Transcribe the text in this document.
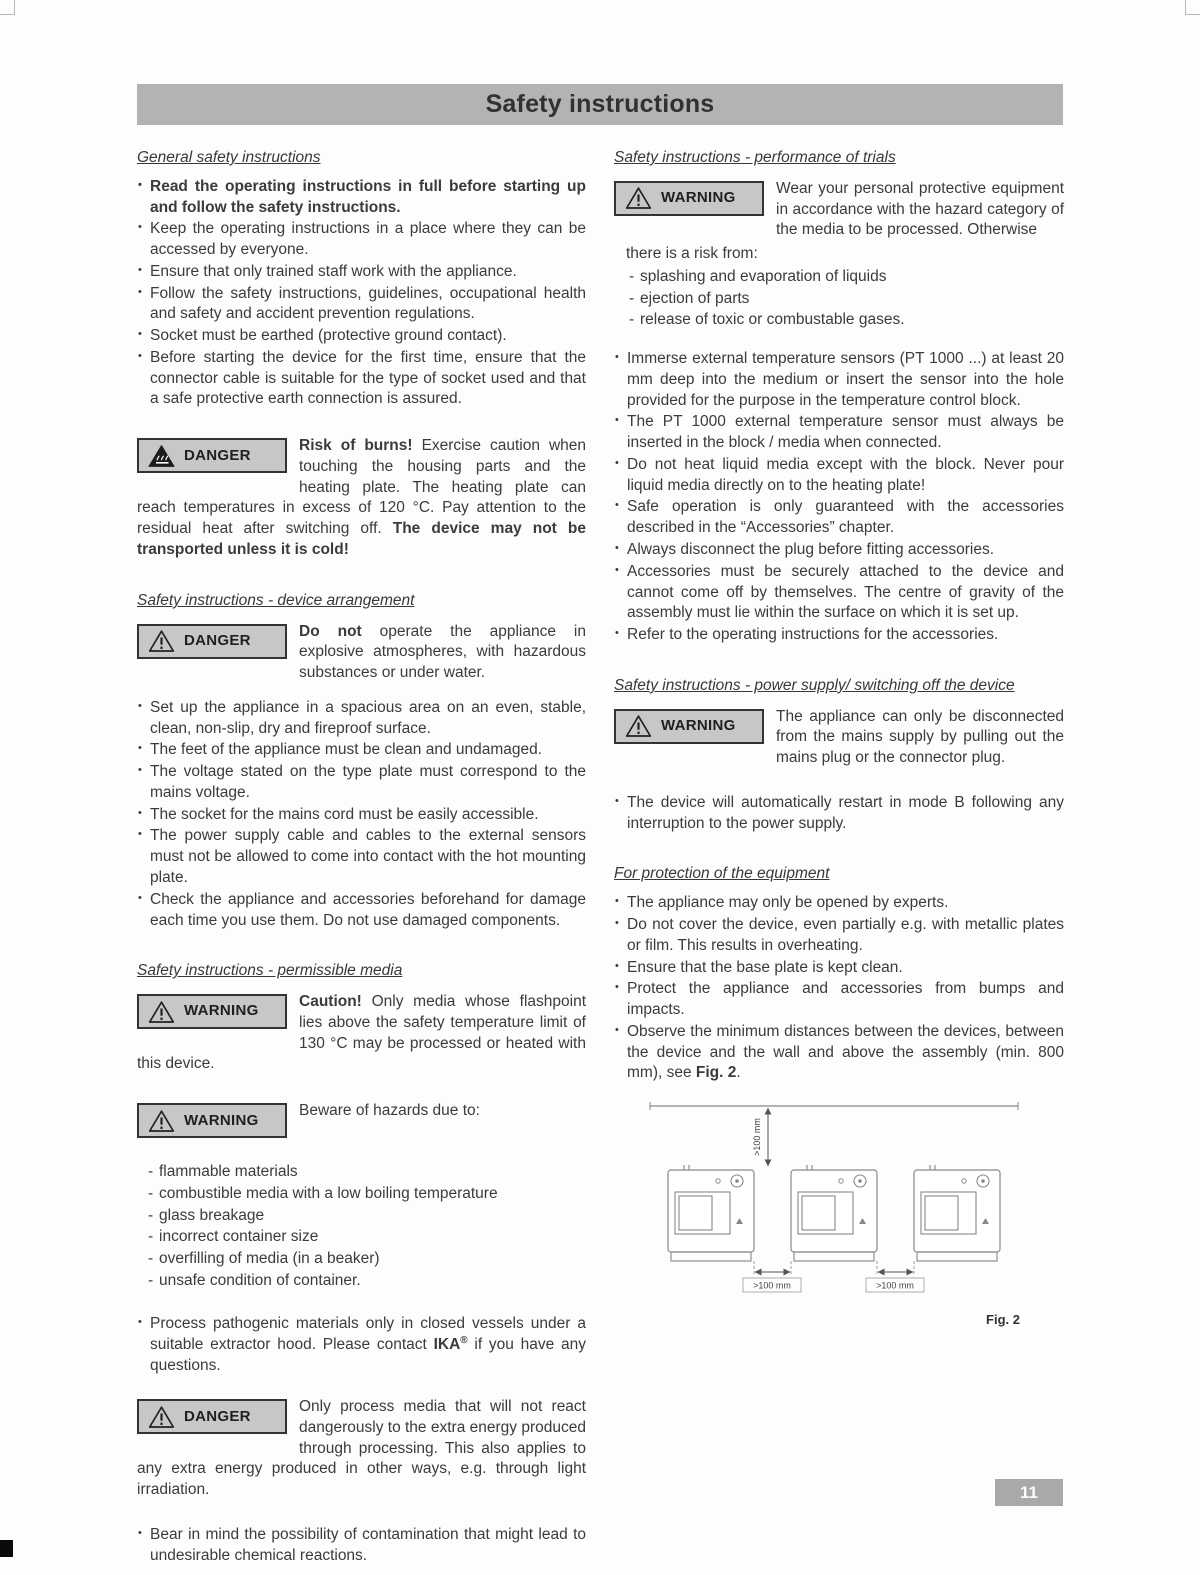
Safety instructions
General safety instructions
• Read the operating instructions in full before starting up and follow the safety instructions.
• Keep the operating instructions in a place where they can be accessed by everyone.
• Ensure that only trained staff work with the appliance.
• Follow the safety instructions, guidelines, occupational health and safety and accident prevention regulations.
• Socket must be earthed (protective ground contact).
• Before starting the device for the first time, ensure that the connector cable is suitable for the type of socket used and that a safe protective earth connection is assured.
DANGER
Risk of burns! Exercise caution when touching the housing parts and the heating plate. The heating plate can reach temperatures in excess of 120 °C. Pay attention to the residual heat after switching off. The device may not be transported unless it is cold!
Safety instructions - device arrangement
DANGER
Do not operate the appliance in explosive atmospheres, with hazardous substances or under water.
• Set up the appliance in a spacious area on an even, stable, clean, non-slip, dry and fireproof surface.
• The feet of the appliance must be clean and undamaged.
• The voltage stated on the type plate must correspond to the mains voltage.
• The socket for the mains cord must be easily accessible.
• The power supply cable and cables to the external sensors must not be allowed to come into contact with the hot mounting plate.
• Check the appliance and accessories beforehand for damage each time you use them. Do not use damaged components.
Safety instructions - permissible media
WARNING
Caution! Only media whose flashpoint lies above the safety temperature limit of 130 °C may be processed or heated with this device.
WARNING
Beware of hazards due to:
- flammable materials
- combustible media with a low boiling temperature
- glass breakage
- incorrect container size
- overfilling of media (in a beaker)
- unsafe condition of container.
• Process pathogenic materials only in closed vessels under a suitable extractor hood. Please contact IKA® if you have any questions.
DANGER
Only process media that will not react dangerously to the extra energy produced through processing. This also applies to any extra energy produced in other ways, e.g. through light irradiation.
• Bear in mind the possibility of contamination that might lead to undesirable chemical reactions.
Safety instructions - performance of trials
WARNING
Wear your personal protective equipment in accordance with the hazard category of the media to be processed. Otherwise
there is a risk from:
- splashing and evaporation of liquids
- ejection of parts
- release of toxic or combustable gases.
• Immerse external temperature sensors (PT 1000 ...) at least 20 mm deep into the medium or insert the sensor into the hole provided for the purpose in the temperature control block.
• The PT 1000 external temperature sensor must always be inserted in the block / media when connected.
• Do not heat liquid media except with the block. Never pour liquid media directly on to the heating plate!
• Safe operation is only guaranteed with the accessories described in the “Accessories” chapter.
• Always disconnect the plug before fitting accessories.
• Accessories must be securely attached to the device and cannot come off by themselves. The centre of gravity of the assembly must lie within the surface on which it is set up.
• Refer to the operating instructions for the accessories.
Safety instructions - power supply/ switching off the device
WARNING
The appliance can only be disconnected from the mains supply by pulling out the mains plug or the connector plug.
• The device will automatically restart in mode B following any interruption to the power supply.
For protection of the equipment
• The appliance may only be opened by experts.
• Do not cover the device, even partially e.g. with metallic plates or film. This results in overheating.
• Ensure that the base plate is kept clean.
• Protect the appliance and accessories from bumps and impacts.
• Observe the minimum distances between the devices, between the device and the wall and above the assembly (min. 800 mm), see Fig. 2.
>100 mm
>100 mm	>100 mm
Fig. 2
11
